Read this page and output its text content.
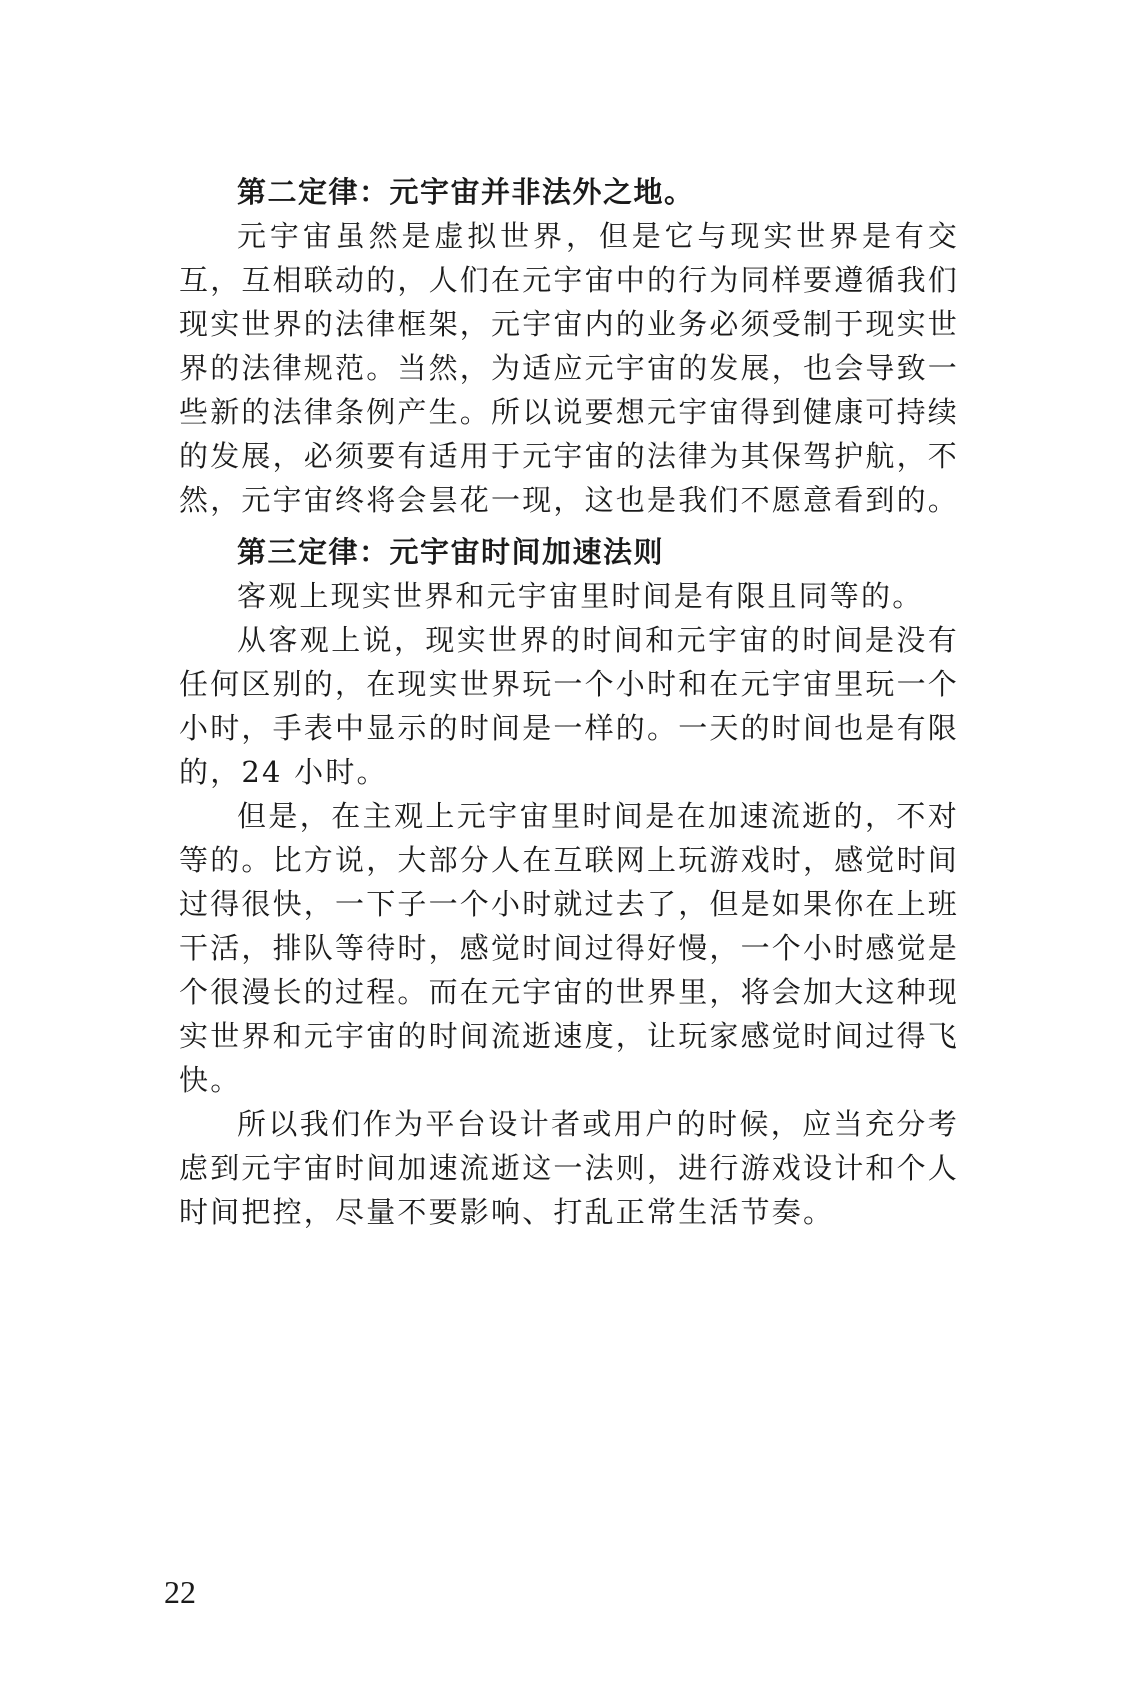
第二定律：元宇宙并非法外之地。

元宇宙虽然是虚拟世界，但是它与现实世界是有交互，互相联动的，人们在元宇宙中的行为同样要遵循我们现实世界的法律框架，元宇宙内的业务必须受制于现实世界的法律规范。当然，为适应元宇宙的发展，也会导致一些新的法律条例产生。所以说要想元宇宙得到健康可持续的发展，必须要有适用于元宇宙的法律为其保驾护航，不然，元宇宙终将会昙花一现，这也是我们不愿意看到的。

第三定律：元宇宙时间加速法则

客观上现实世界和元宇宙里时间是有限且同等的。

从客观上说，现实世界的时间和元宇宙的时间是没有任何区别的，在现实世界玩一个小时和在元宇宙里玩一个小时，手表中显示的时间是一样的。一天的时间也是有限的，24 小时。

但是，在主观上元宇宙里时间是在加速流逝的，不对等的。比方说，大部分人在互联网上玩游戏时，感觉时间过得很快，一下子一个小时就过去了，但是如果你在上班干活，排队等待时，感觉时间过得好慢，一个小时感觉是个很漫长的过程。而在元宇宙的世界里，将会加大这种现实世界和元宇宙的时间流逝速度，让玩家感觉时间过得飞快。

所以我们作为平台设计者或用户的时候，应当充分考虑到元宇宙时间加速流逝这一法则，进行游戏设计和个人时间把控，尽量不要影响、打乱正常生活节奏。

22
